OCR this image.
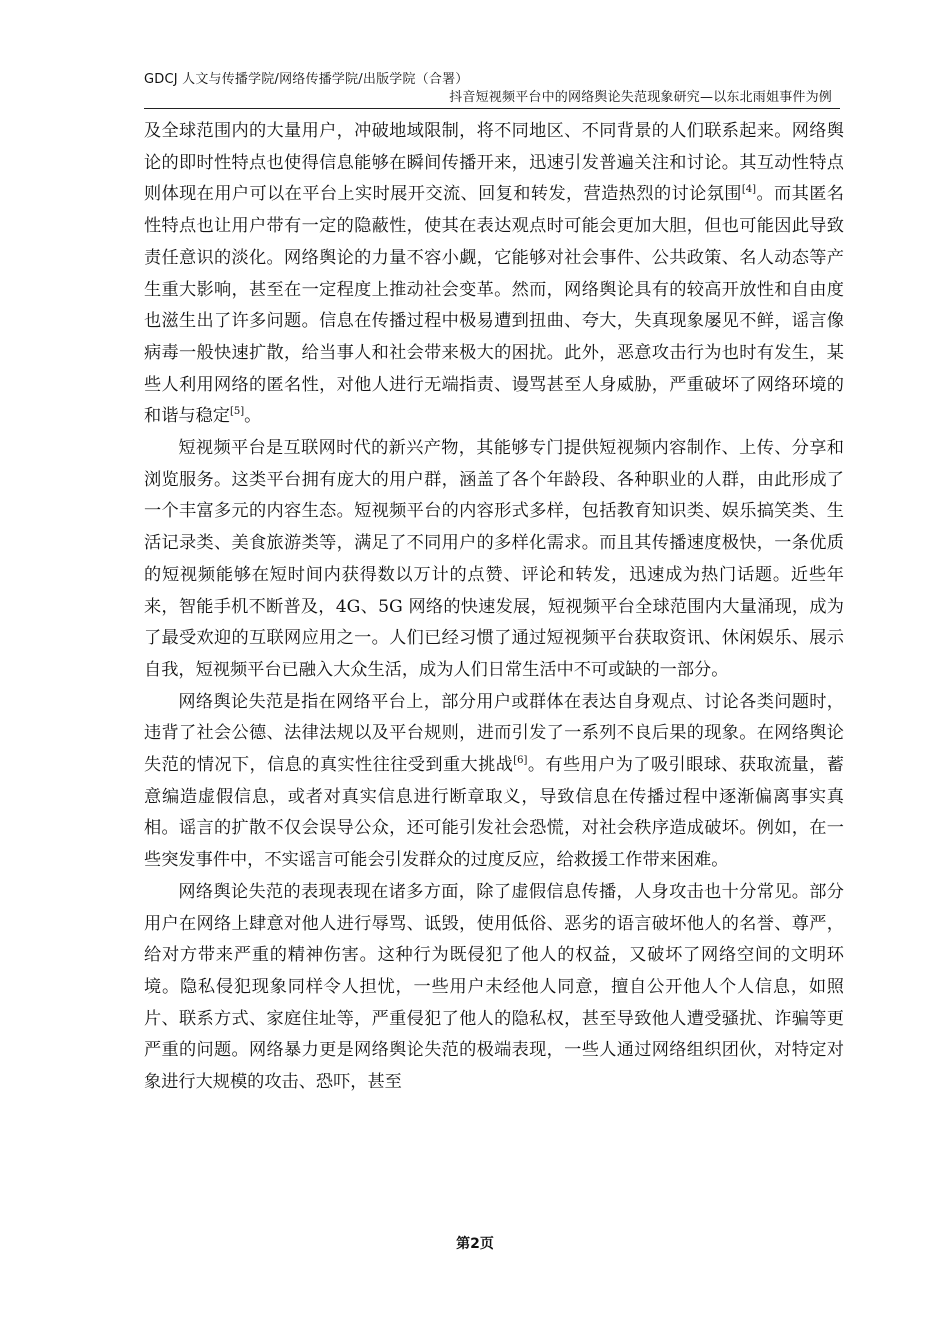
GDCJ 人文与传播学院/网络传播学院/出版学院（合署）
抖音短视频平台中的网络舆论失范现象研究—以东北雨姐事件为例

及全球范围内的大量用户，冲破地域限制，将不同地区、不同背景的人们联系起来。网络舆论的即时性特点也使得信息能够在瞬间传播开来，迅速引发普遍关注和讨论。其互动性特点则体现在用户可以在平台上实时展开交流、回复和转发，营造热烈的讨论氛围[4]。而其匿名性特点也让用户带有一定的隐蔽性，使其在表达观点时可能会更加大胆，但也可能因此导致责任意识的淡化。网络舆论的力量不容小觑，它能够对社会事件、公共政策、名人动态等产生重大影响，甚至在一定程度上推动社会变革。然而，网络舆论具有的较高开放性和自由度也滋生出了许多问题。信息在传播过程中极易遭到扭曲、夸大，失真现象屡见不鲜，谣言像病毒一般快速扩散，给当事人和社会带来极大的困扰。此外，恶意攻击行为也时有发生，某些人利用网络的匿名性，对他人进行无端指责、谩骂甚至人身威胁，严重破坏了网络环境的和谐与稳定[5]。

短视频平台是互联网时代的新兴产物，其能够专门提供短视频内容制作、上传、分享和浏览服务。这类平台拥有庞大的用户群，涵盖了各个年龄段、各种职业的人群，由此形成了一个丰富多元的内容生态。短视频平台的内容形式多样，包括教育知识类、娱乐搞笑类、生活记录类、美食旅游类等，满足了不同用户的多样化需求。而且其传播速度极快，一条优质的短视频能够在短时间内获得数以万计的点赞、评论和转发，迅速成为热门话题。近些年来，智能手机不断普及，4G、5G 网络的快速发展，短视频平台全球范围内大量涌现，成为了最受欢迎的互联网应用之一。人们已经习惯了通过短视频平台获取资讯、休闲娱乐、展示自我，短视频平台已融入大众生活，成为人们日常生活中不可或缺的一部分。

网络舆论失范是指在网络平台上，部分用户或群体在表达自身观点、讨论各类问题时，违背了社会公德、法律法规以及平台规则，进而引发了一系列不良后果的现象。在网络舆论失范的情况下，信息的真实性往往受到重大挑战[6]。有些用户为了吸引眼球、获取流量，蓄意编造虚假信息，或者对真实信息进行断章取义，导致信息在传播过程中逐渐偏离事实真相。谣言的扩散不仅会误导公众，还可能引发社会恐慌，对社会秩序造成破坏。例如，在一些突发事件中，不实谣言可能会引发群众的过度反应，给救援工作带来困难。

网络舆论失范的表现表现在诸多方面，除了虚假信息传播，人身攻击也十分常见。部分用户在网络上肆意对他人进行辱骂、诋毁，使用低俗、恶劣的语言破坏他人的名誉、尊严，给对方带来严重的精神伤害。这种行为既侵犯了他人的权益，又破坏了网络空间的文明环境。隐私侵犯现象同样令人担忧，一些用户未经他人同意，擅自公开他人个人信息，如照片、联系方式、家庭住址等，严重侵犯了他人的隐私权，甚至导致他人遭受骚扰、诈骗等更严重的问题。网络暴力更是网络舆论失范的极端表现，一些人通过网络组织团伙，对特定对象进行大规模的攻击、恐吓，甚至

第2页
